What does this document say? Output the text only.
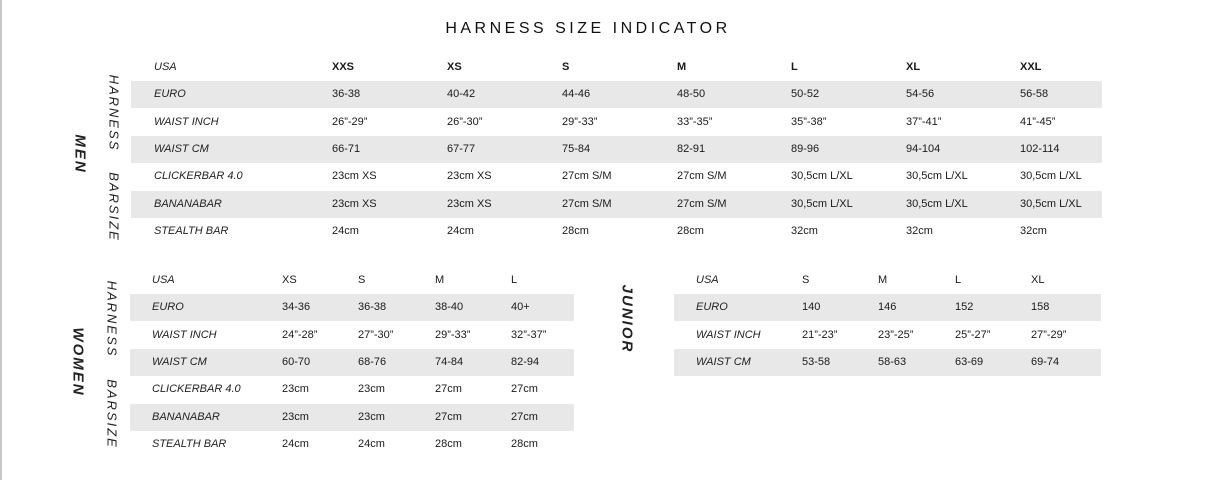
HARNESS SIZE INDICATOR
MEN
HARNESS
BARSIZE
WOMEN
HARNESS
BARSIZE
JUNIOR
USA	XXS	XS	S	M	L	XL	XXL
EURO	36-38	40-42	44-46	48-50	50-52	54-56	56-58
WAIST INCH	26”-29”	26”-30”	29”-33”	33”-35”	35”-38”	37”-41”	41”-45”
WAIST CM	66-71	67-77	75-84	82-91	89-96	94-104	102-114
CLICKERBAR 4.0	23cm XS	23cm XS	27cm S/M	27cm S/M	30,5cm L/XL	30,5cm L/XL	30,5cm L/XL
BANANABAR	23cm XS	23cm XS	27cm S/M	27cm S/M	30,5cm L/XL	30,5cm L/XL	30,5cm L/XL
STEALTH BAR	24cm	24cm	28cm	28cm	32cm	32cm	32cm
USA	XS	S	M	L
EURO	34-36	36-38	38-40	40+
WAIST INCH	24”-28”	27”-30”	29”-33”	32”-37”
WAIST CM	60-70	68-76	74-84	82-94
CLICKERBAR 4.0	23cm	23cm	27cm	27cm
BANANABAR	23cm	23cm	27cm	27cm
STEALTH BAR	24cm	24cm	28cm	28cm
USA	S	M	L	XL
EURO	140	146	152	158
WAIST INCH	21”-23”	23”-25”	25”-27”	27”-29”
WAIST CM	53-58	58-63	63-69	69-74
